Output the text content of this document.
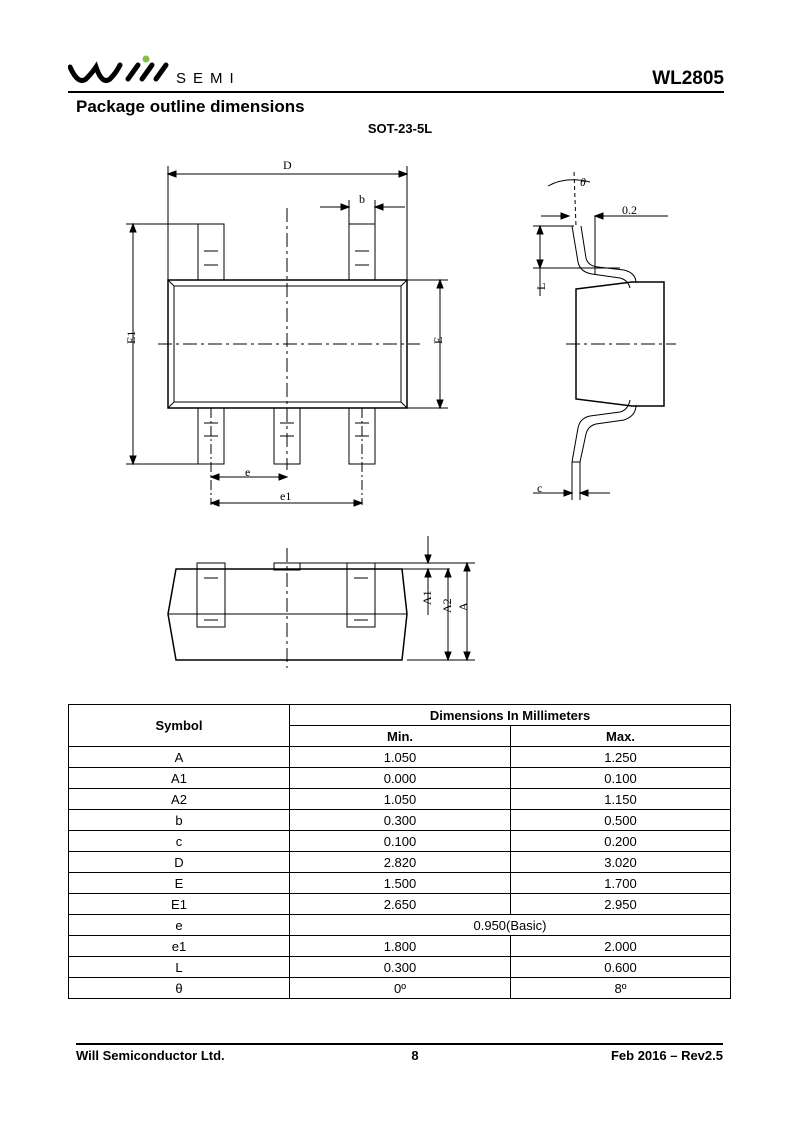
SEMI	WL2805
Package outline dimensions
SOT-23-5L
D
b
E1	E
e
e1
θ
0.2
L
c
A1
A2 A
Symbol	Dimensions In Millimeters	
	Min.	Max.
A	1.050	1.250
A1	0.000	0.100
A2	1.050	1.150
b	0.300	0.500
c	0.100	0.200
D	2.820	3.020
E	1.500	1.700
E1	2.650	2.950
e	0.950(Basic)	
e1	1.800	2.000
L	0.300	0.600
θ	0º	8º
Will Semiconductor Ltd.	8	Feb 2016 – Rev2.5
